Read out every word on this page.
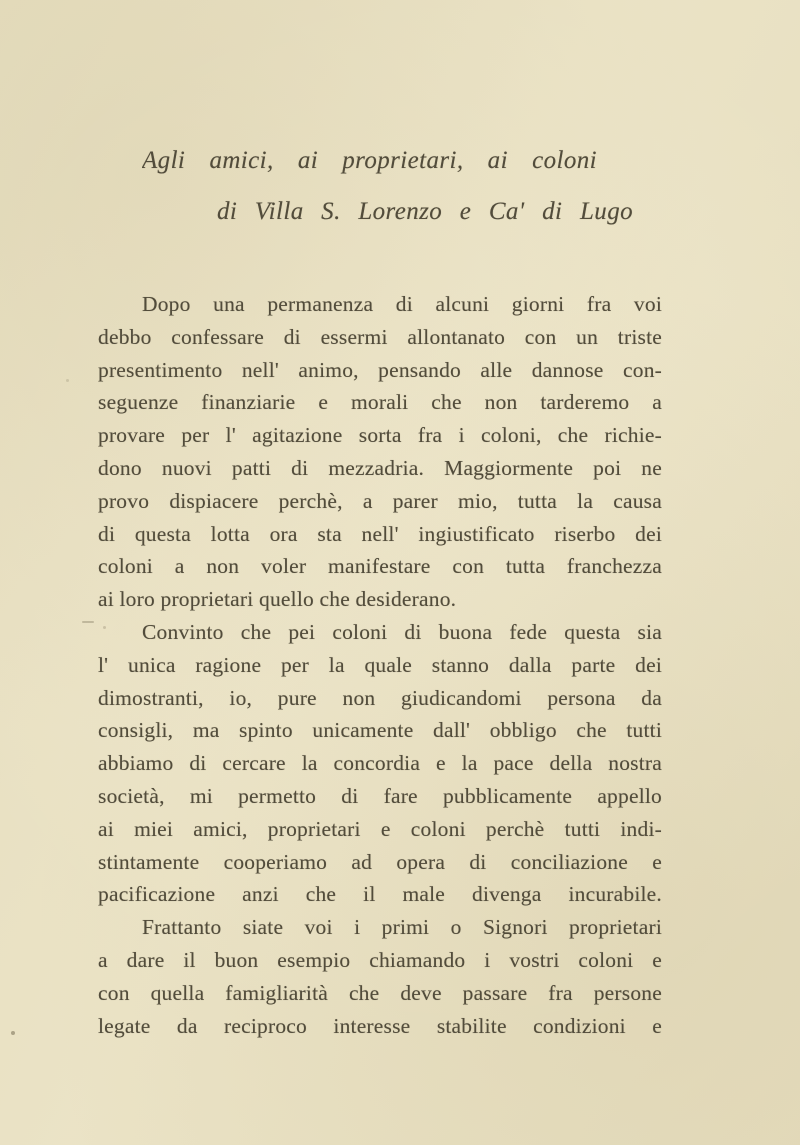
Agli amici, ai proprietari, ai coloni
di Villa S. Lorenzo e Ca' di Lugo
Dopo una permanenza di alcuni giorni fra voi
debbo confessare di essermi allontanato con un triste
presentimento nell' animo, pensando alle dannose con-
seguenze finanziarie e morali che non tarderemo a
provare per l' agitazione sorta fra i coloni, che richie-
dono nuovi patti di mezzadria. Maggiormente poi ne
provo dispiacere perchè, a parer mio, tutta la causa
di questa lotta ora sta nell' ingiustificato riserbo dei
coloni a non voler manifestare con tutta franchezza
ai loro proprietari quello che desiderano.
Convinto che pei coloni di buona fede questa sia
l' unica ragione per la quale stanno dalla parte dei
dimostranti, io, pure non giudicandomi persona da
consigli, ma spinto unicamente dall' obbligo che tutti
abbiamo di cercare la concordia e la pace della nostra
società, mi permetto di fare pubblicamente appello
ai miei amici, proprietari e coloni perchè tutti indi-
stintamente cooperiamo ad opera di conciliazione e
pacificazione anzi che il male divenga incurabile.
Frattanto siate voi i primi o Signori proprietari
a dare il buon esempio chiamando i vostri coloni e
con quella famigliarità che deve passare fra persone
legate da reciproco interesse stabilite condizioni e
